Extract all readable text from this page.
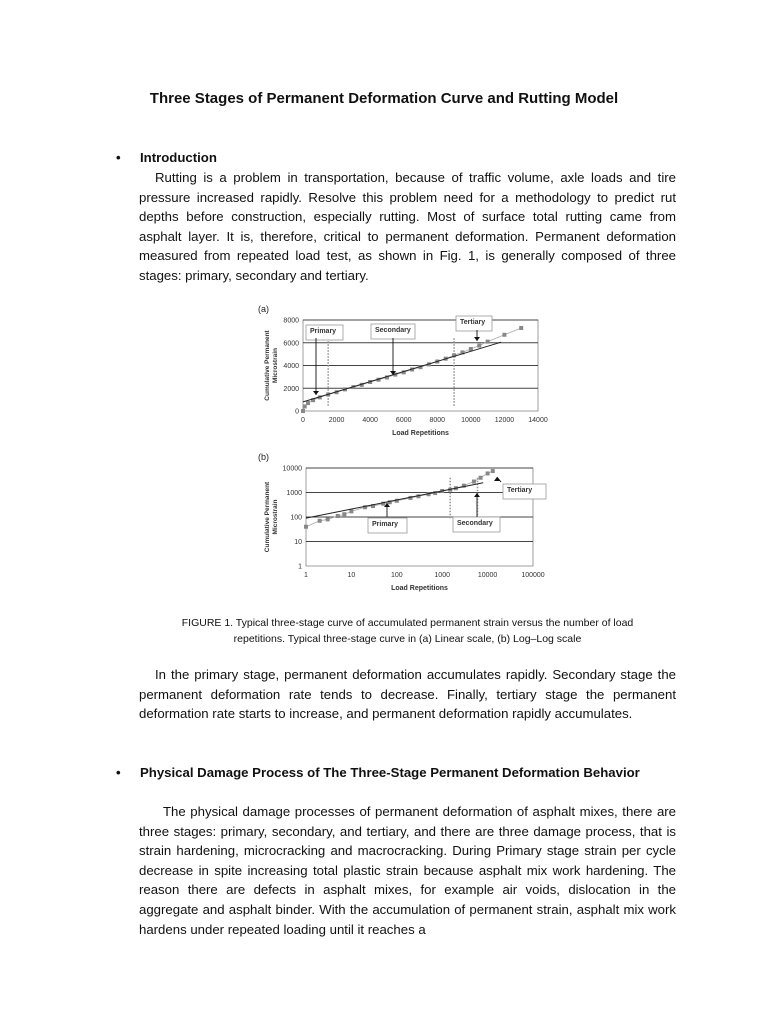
Three Stages of Permanent Deformation Curve and Rutting Model
• Introduction

Rutting is a problem in transportation, because of traffic volume, axle loads and tire pressure increased rapidly. Resolve this problem need for a methodology to predict rut depths before construction, especially rutting. Most of surface total rutting came from asphalt layer. It is, therefore, critical to permanent deformation. Permanent deformation measured from repeated load test, as shown in Fig. 1, is generally composed of three stages: primary, secondary and tertiary.

(a)
0
2000
4000
6000
8000
0	2000	4000	6000	8000 10000 12000 14000
Load Repetitions
Cumulative Permanent Microstrain
Primary	Secondary
Tertiary
(b)
1
10
100
1000
10000
1	10	100	1000	10000	100000
Load Repetitions
Cumulative Permanent Microstrain	Primary	Secondary
Tertiary
FIGURE 1. Typical three-stage curve of accumulated permanent strain versus the number of load
repetitions. Typical three-stage curve in (a) Linear scale, (b) Log–Log scale

In the primary stage, permanent deformation accumulates rapidly. Secondary stage the permanent deformation rate tends to decrease. Finally, tertiary stage the permanent deformation rate starts to increase, and permanent deformation rapidly accumulates.

• Physical Damage Process of The Three-Stage Permanent Deformation Behavior

The physical damage processes of permanent deformation of asphalt mixes, there are three stages: primary, secondary, and tertiary, and there are three damage process, that is strain hardening, microcracking and macrocracking. During Primary stage strain per cycle decrease in spite increasing total plastic strain because asphalt mix work hardening. The reason there are defects in asphalt mixes, for example air voids, dislocation in the aggregate and asphalt binder. With the accumulation of permanent strain, asphalt mix work hardens under repeated loading until it reaches a
